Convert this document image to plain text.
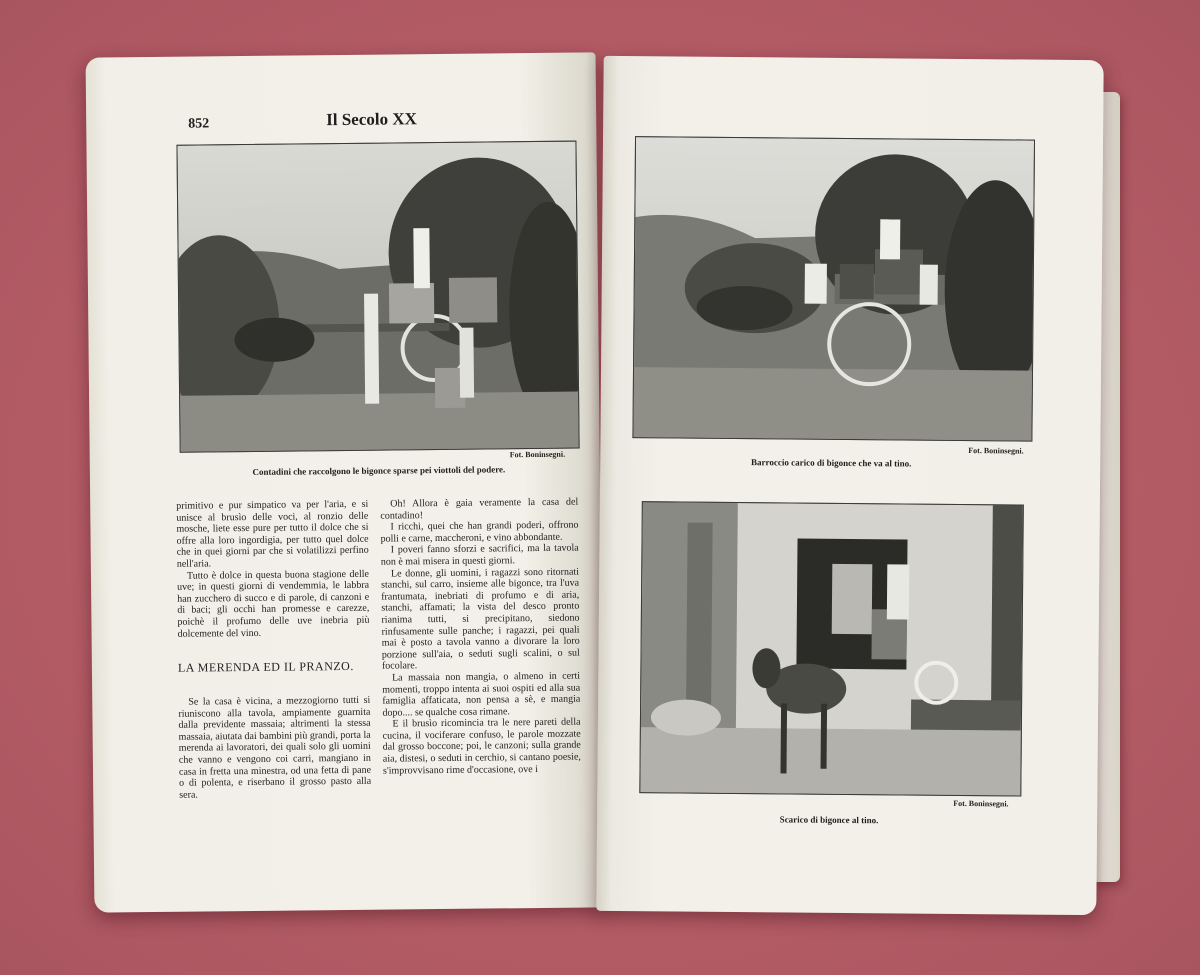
852	Il Secolo XX
Fot. Boninsegni.
Contadini che raccolgono le bigonce sparse pei viottoli del podere.

primitivo e pur simpatico va per l'aria, e si unisce al brusìo delle voci, al ronzio delle mosche, liete esse pure per tutto il dolce che si offre alla loro ingordigia, per tutto quel dolce che in quei giorni par che si volatilizzi perfino nell'aria.

Tutto è dolce in questa buona stagione delle uve; in questi giorni di vendemmia, le labbra han zucchero di succo e di parole, di canzoni e di baci; gli occhi han promesse e carezze, poichè il profumo delle uve inebria più dolcemente del vino.

LA MERENDA ED IL PRANZO.

Se la casa è vicina, a mezzogiorno tutti si riuniscono alla tavola, ampiamente guarnita dalla previdente massaia; altrimenti la stessa massaia, aiutata dai bambini più grandi, porta la merenda ai lavoratori, dei quali solo gli uomini che vanno e vengono coi carri, mangiano in casa in fretta una minestra, od una fetta di pane o di polenta, e riserbano il grosso pasto alla sera.

Oh! Allora è gaia veramente la casa del contadino!

I ricchi, quei che han grandi poderi, offrono polli e carne, maccheroni, e vino abbondante.

I poveri fanno sforzi e sacrifici, ma la tavola non è mai misera in questi giorni.

Le donne, gli uomini, i ragazzi sono ritornati stanchi, sul carro, insieme alle bigonce, tra l'uva frantumata, inebriati di profumo e di aria, stanchi, affamati; la vista del desco pronto rianima tutti, si precipitano, siedono rinfusamente sulle panche; i ragazzi, pei quali mai è posto a tavola vanno a divorare la loro porzione sull'aia, o seduti sugli scalini, o sul focolare.

La massaia non mangia, o almeno in certi momenti, troppo intenta ai suoi ospiti ed alla sua famiglia affaticata, non pensa a sè, e mangia dopo.... se qualche cosa rimane.

E il brusìo ricomincia tra le nere pareti della cucina, il vociferare confuso, le parole mozzate dal grosso boccone; poi, le canzoni; sulla grande aia, distesi, o seduti in cerchio, si cantano poesie, s'improvvisano rime d'occasione, ove i

Fot. Boninsegni.
Barroccio carico di bigonce che va al tino.
Fot. Boninsegni.
Scarico di bigonce al tino.
